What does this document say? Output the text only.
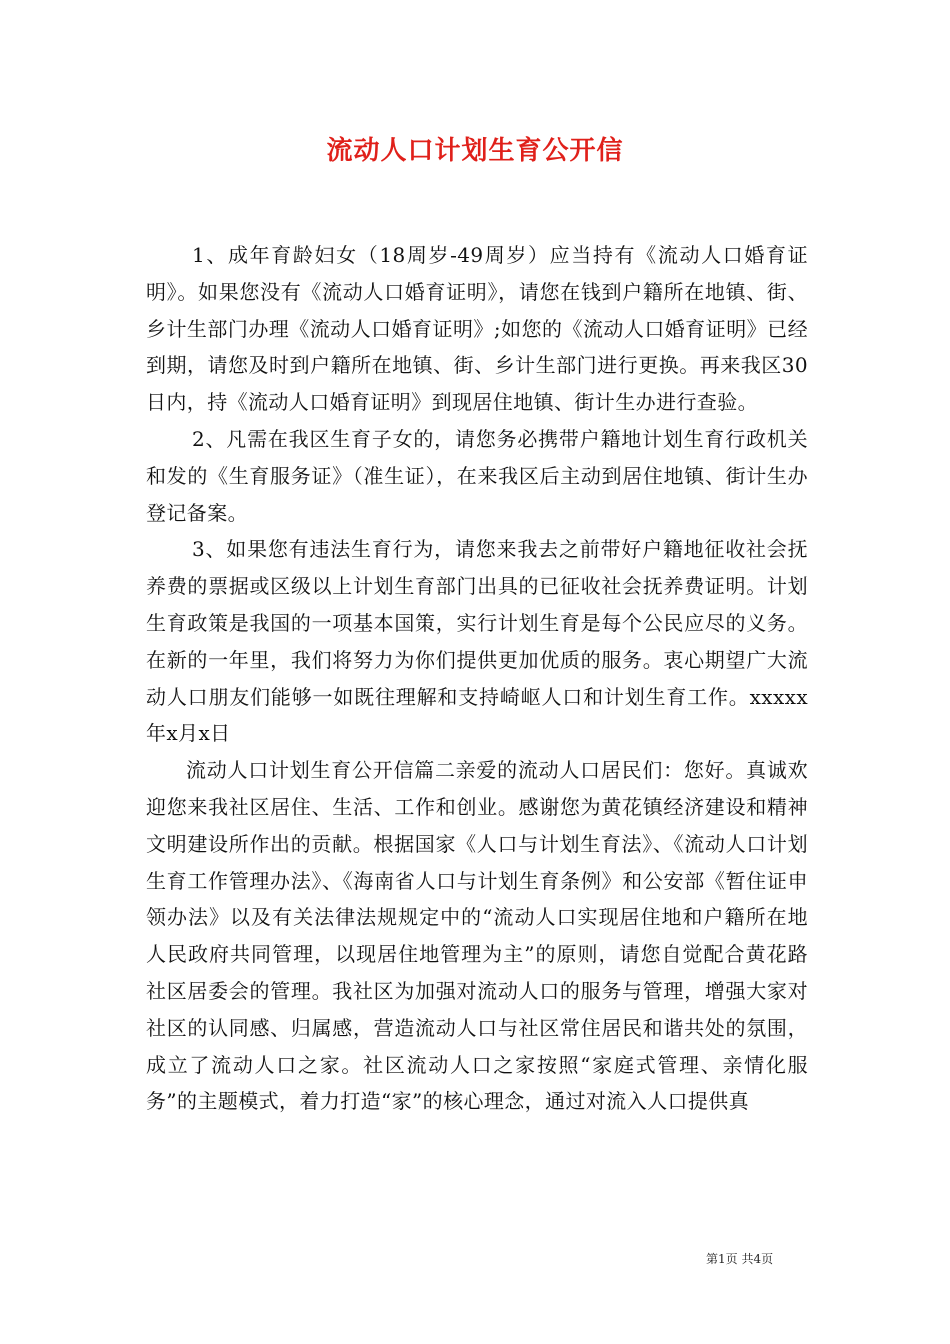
流动人口计划生育公开信

1、成年育龄妇女（18周岁-49周岁）应当持有《流动人口婚育证明》。如果您没有《流动人口婚育证明》，请您在钱到户籍所在地镇、街、乡计生部门办理《流动人口婚育证明》;如您的《流动人口婚育证明》已经到期，请您及时到户籍所在地镇、街、乡计生部门进行更换。再来我区30日内，持《流动人口婚育证明》到现居住地镇、街计生办进行查验。

2、凡需在我区生育子女的，请您务必携带户籍地计划生育行政机关和发的《生育服务证》（准生证），在来我区后主动到居住地镇、街计生办登记备案。

3、如果您有违法生育行为，请您来我去之前带好户籍地征收社会抚养费的票据或区级以上计划生育部门出具的已征收社会抚养费证明。计划生育政策是我国的一项基本国策，实行计划生育是每个公民应尽的义务。在新的一年里，我们将努力为你们提供更加优质的服务。衷心期望广大流动人口朋友们能够一如既往理解和支持崎岖人口和计划生育工作。xxxxx年x月x日

流动人口计划生育公开信篇二亲爱的流动人口居民们：您好。真诚欢迎您来我社区居住、生活、工作和创业。感谢您为黄花镇经济建设和精神文明建设所作出的贡献。根据国家《人口与计划生育法》、《流动人口计划生育工作管理办法》、《海南省人口与计划生育条例》和公安部《暂住证申领办法》以及有关法律法规规定中的“流动人口实现居住地和户籍所在地人民政府共同管理，以现居住地管理为主”的原则，请您自觉配合黄花路社区居委会的管理。我社区为加强对流动人口的服务与管理，增强大家对社区的认同感、归属感，营造流动人口与社区常住居民和谐共处的氛围，成立了流动人口之家。社区流动人口之家按照“家庭式管理、亲情化服务”的主题模式，着力打造“家”的核心理念，通过对流入人口提供真

第1页 共4页
